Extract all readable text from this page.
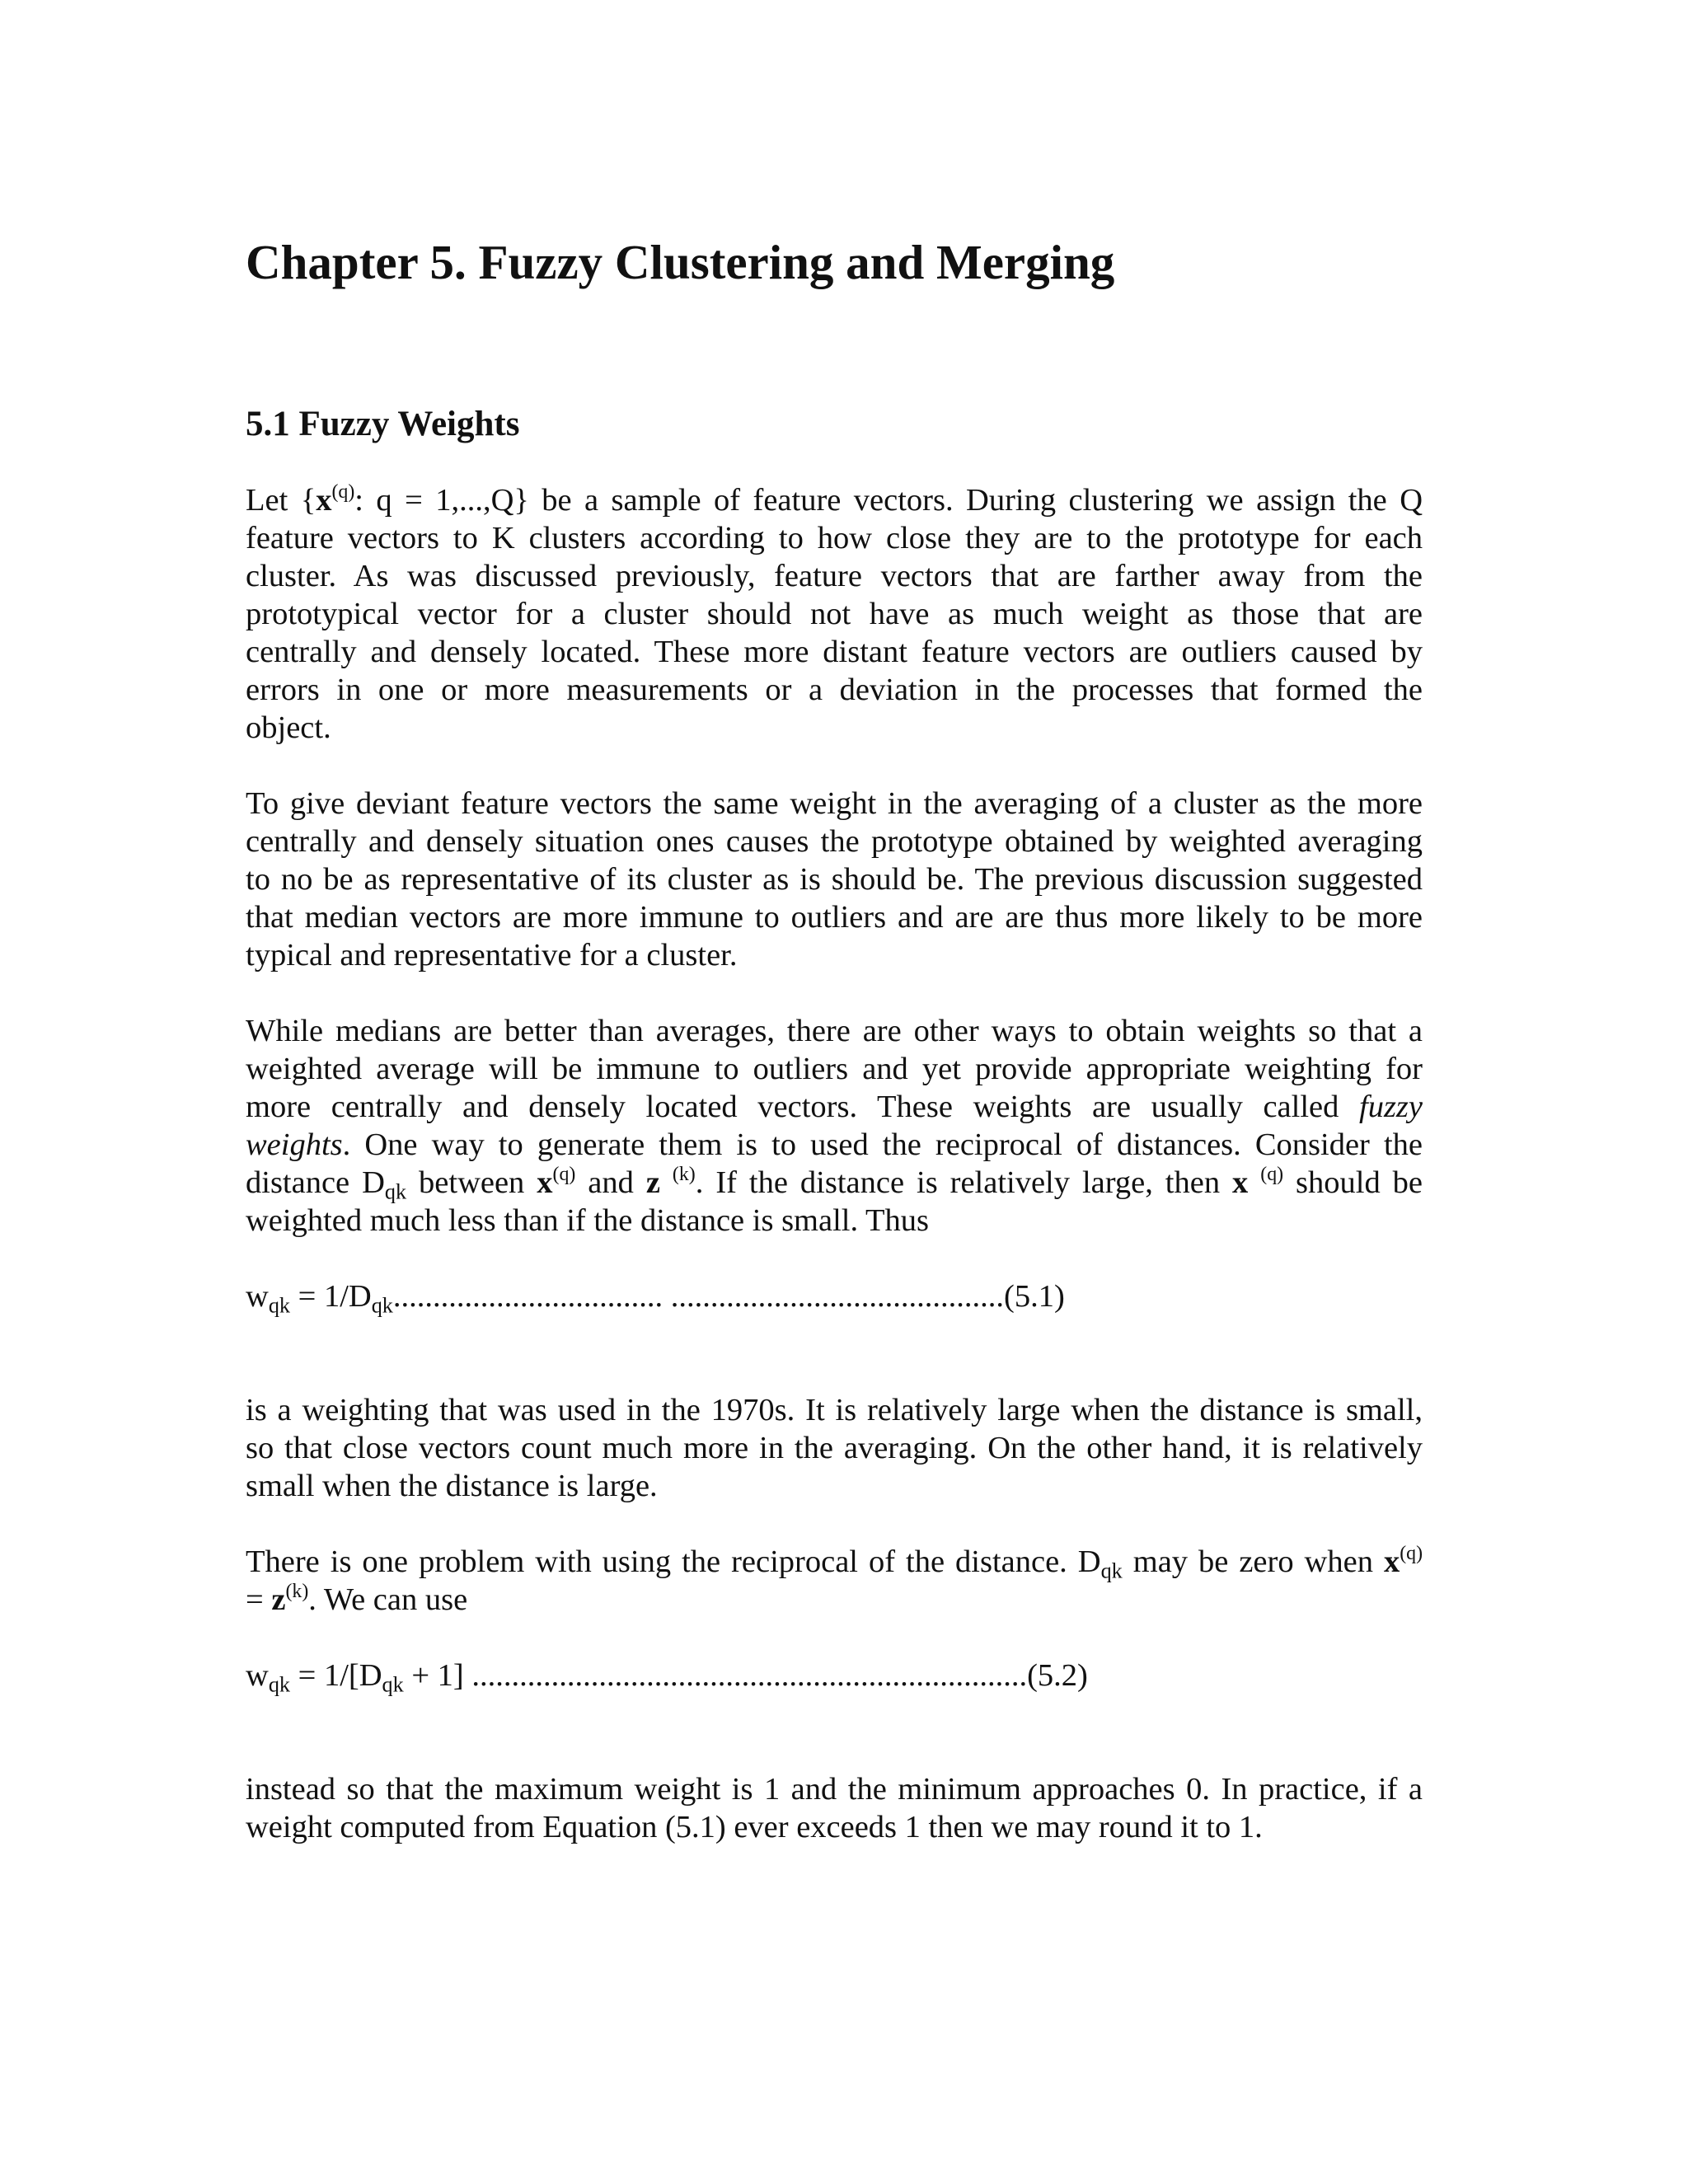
Chapter 5. Fuzzy Clustering and Merging
5.1 Fuzzy Weights
Let {$x^{(q)}$: q = 1,...,Q} be a sample of feature vectors. During clustering we assign the Q
feature vectors to K clusters according to how close they are to the prototype for each
cluster. As was discussed previously, feature vectors that are farther away from the
prototypical vector for a cluster should not have as much weight as those that are
centrally and densely located. These more distant feature vectors are outliers caused by
errors in one or more measurements or a deviation in the processes that formed the
object.
To give deviant feature vectors the same weight in the averaging of a cluster as the more
centrally and densely situation ones causes the prototype obtained by weighted averaging
to no be as representative of its cluster as is should be. The previous discussion suggested
that median vectors are more immune to outliers and are are thus more likely to be more
typical and representative for a cluster.
While medians are better than averages, there are other ways to obtain weights so that a
weighted average will be immune to outliers and yet provide appropriate weighting for
more centrally and densely located vectors. These weights are usually called fuzzy
weights. One way to generate them is to used the reciprocal of distances. Consider the
distance $D_{qk}$ between $x^{(q)}$ and z $^{(k)}$. If the distance is relatively large, then x $^{(q)}$ should be
weighted much less than if the distance is small. Thus
$w_{qk} = 1/D_{qk}$.................................. ..........................................(5.1)
is a weighting that was used in the 1970s. It is relatively large when the distance is small,
so that close vectors count much more in the averaging. On the other hand, it is relatively
small when the distance is large.
There is one problem with using the reciprocal of the distance. $D_{qk}$ may be zero when $x^{(q)}$
= $z^{(k)}$. We can use
$w_{qk} = 1/[D_{qk} + 1]$ ......................................................................(5.2)
instead so that the maximum weight is 1 and the minimum approaches 0. In practice, if a
weight computed from Equation (5.1) ever exceeds 1 then we may round it to 1.
